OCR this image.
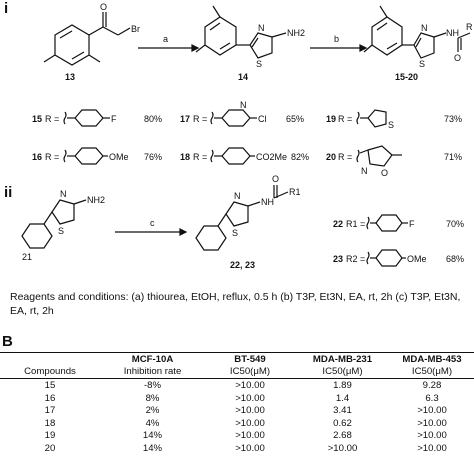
i	O
Br
13
a
N
S
NH2
14
b
N
S
NH
O
R
15-20
15 R =	F	80% 17 R =
N
Cl 65% 19 R =
S
73%
16 R =	OMe 76% 18 R =	CO2Me 82% 20 R =
N O
71%
ii
21
N
S
NH2
c
N
S
NH
O
R1
22, 23
22 R1 =	F	70%
23 R2 =	OMe 68%
Reagents and conditions: (a) thiourea, EtOH, reflux, 0.5 h (b) T3P, Et3N, EA, rt, 2h (c) T3P, Et3N, EA, rt, 2h
B
	MCF-10A	BT-549	MDA-MB-231	MDA-MB-453
Compounds	Inhibition rate	IC50(μM)	IC50(μM)	IC50(μM)
15	-8%	>10.00	1.89	9.28
16	8%	>10.00	1.4	6.3
17	2%	>10.00	3.41	>10.00
18	4%	>10.00	0.62	>10.00
19	14%	>10.00	2.68	>10.00
20	14%	>10.00	>10.00	>10.00
